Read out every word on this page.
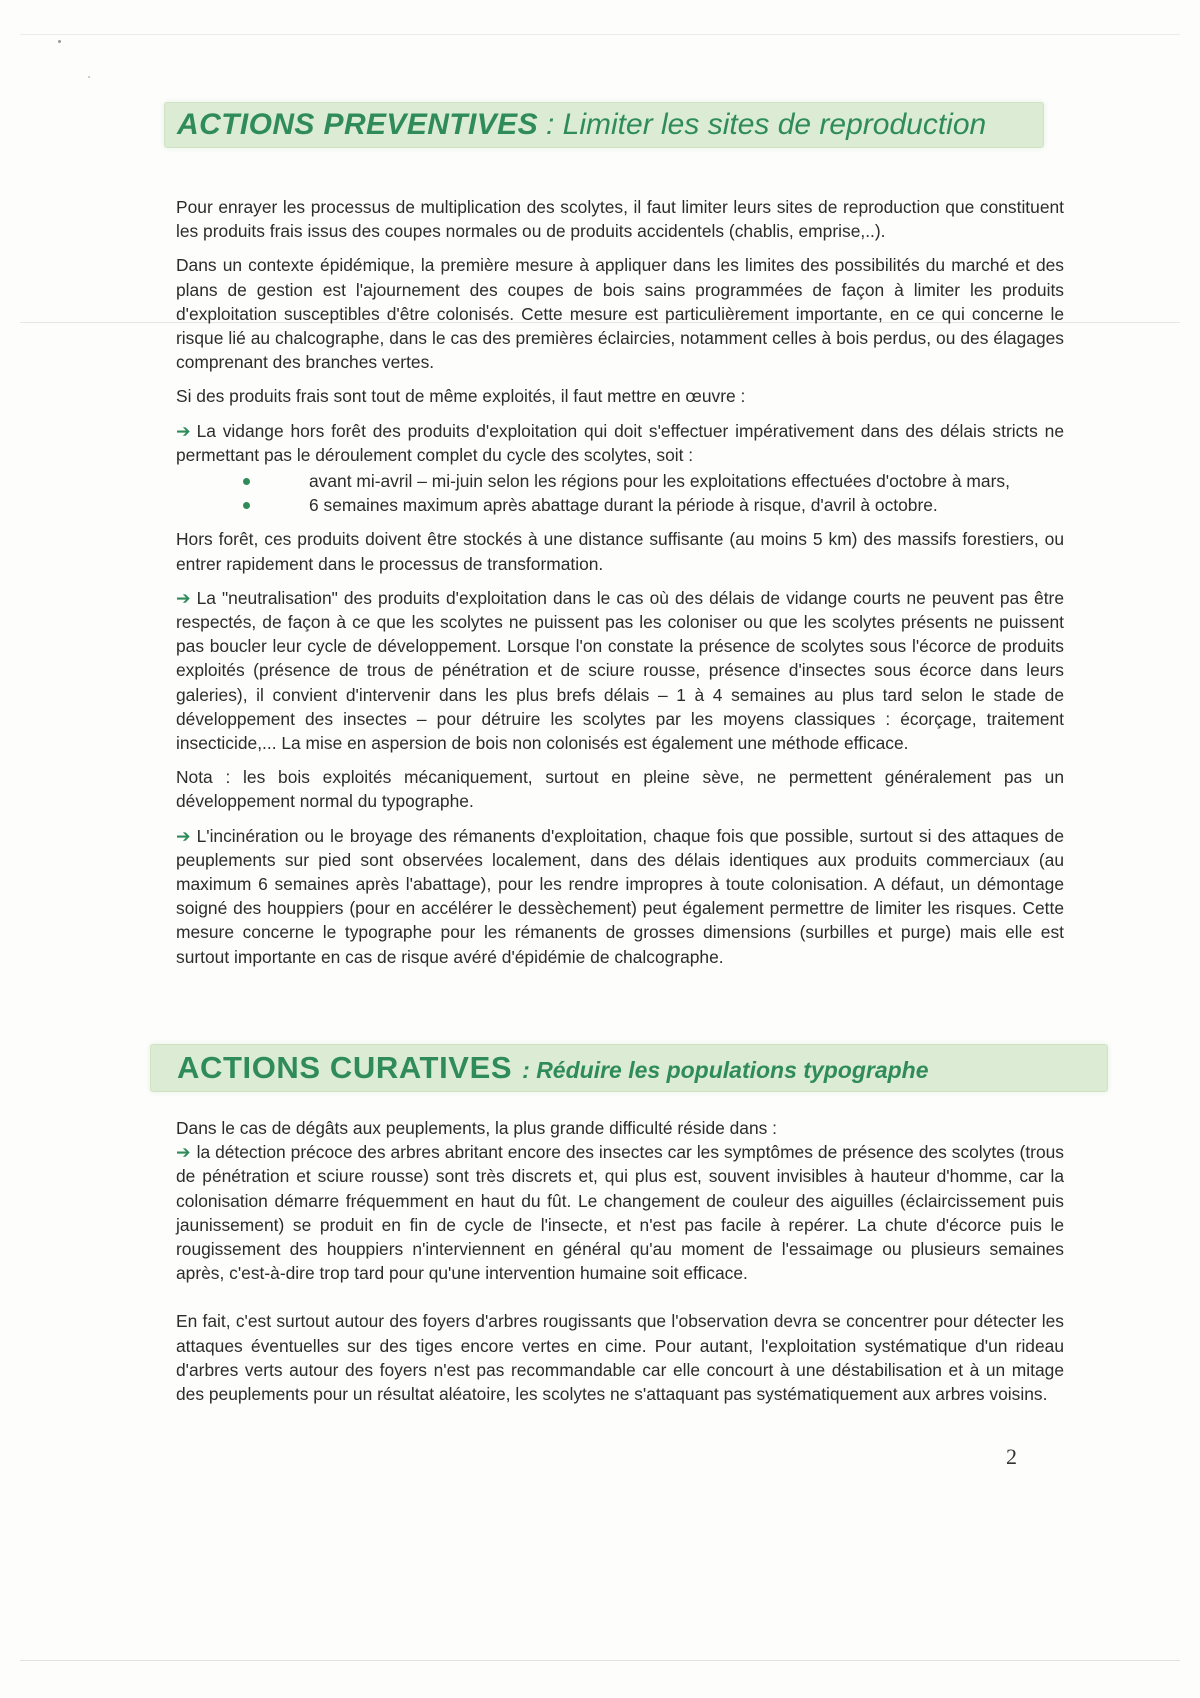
ACTIONS PREVENTIVES : Limiter les sites de reproduction

Pour enrayer les processus de multiplication des scolytes, il faut limiter leurs sites de reproduction que constituent les produits frais issus des coupes normales ou de produits accidentels (chablis, emprise,..).

Dans un contexte épidémique, la première mesure à appliquer dans les limites des possibilités du marché et des plans de gestion est l'ajournement des coupes de bois sains programmées de façon à limiter les produits d'exploitation susceptibles d'être colonisés. Cette mesure est particulièrement importante, en ce qui concerne le risque lié au chalcographe, dans le cas des premières éclaircies, notamment celles à bois perdus, ou des élagages comprenant des branches vertes.

Si des produits frais sont tout de même exploités, il faut mettre en œuvre :

➔ La vidange hors forêt des produits d'exploitation qui doit s'effectuer impérativement dans des délais stricts ne permettant pas le déroulement complet du cycle des scolytes, soit :

avant mi-avril – mi-juin selon les régions pour les exploitations effectuées d'octobre à mars,
6 semaines maximum après abattage durant la période à risque, d'avril à octobre.

Hors forêt, ces produits doivent être stockés à une distance suffisante (au moins 5 km) des massifs forestiers, ou entrer rapidement dans le processus de transformation.

➔ La "neutralisation" des produits d'exploitation dans le cas où des délais de vidange courts ne peuvent pas être respectés, de façon à ce que les scolytes ne puissent pas les coloniser ou que les scolytes présents ne puissent pas boucler leur cycle de développement. Lorsque l'on constate la présence de scolytes sous l'écorce de produits exploités (présence de trous de pénétration et de sciure rousse, présence d'insectes sous écorce dans leurs galeries), il convient d'intervenir dans les plus brefs délais – 1 à 4 semaines au plus tard selon le stade de développement des insectes – pour détruire les scolytes par les moyens classiques : écorçage, traitement insecticide,... La mise en aspersion de bois non colonisés est également une méthode efficace.

Nota : les bois exploités mécaniquement, surtout en pleine sève, ne permettent généralement pas un développement normal du typographe.

➔ L'incinération ou le broyage des rémanents d'exploitation, chaque fois que possible, surtout si des attaques de peuplements sur pied sont observées localement, dans des délais identiques aux produits commerciaux (au maximum 6 semaines après l'abattage), pour les rendre impropres à toute colonisation. A défaut, un démontage soigné des houppiers (pour en accélérer le dessèchement) peut également permettre de limiter les risques. Cette mesure concerne le typographe pour les rémanents de grosses dimensions (surbilles et purge) mais elle est surtout importante en cas de risque avéré d'épidémie de chalcographe.

ACTIONS CURATIVES : Réduire les populations typographe

Dans le cas de dégâts aux peuplements, la plus grande difficulté réside dans :

➔ la détection précoce des arbres abritant encore des insectes car les symptômes de présence des scolytes (trous de pénétration et sciure rousse) sont très discrets et, qui plus est, souvent invisibles à hauteur d'homme, car la colonisation démarre fréquemment en haut du fût. Le changement de couleur des aiguilles (éclaircissement puis jaunissement) se produit en fin de cycle de l'insecte, et n'est pas facile à repérer. La chute d'écorce puis le rougissement des houppiers n'interviennent en général qu'au moment de l'essaimage ou plusieurs semaines après, c'est-à-dire trop tard pour qu'une intervention humaine soit efficace.

En fait, c'est surtout autour des foyers d'arbres rougissants que l'observation devra se concentrer pour détecter les attaques éventuelles sur des tiges encore vertes en cime. Pour autant, l'exploitation systématique d'un rideau d'arbres verts autour des foyers n'est pas recommandable car elle concourt à une déstabilisation et à un mitage des peuplements pour un résultat aléatoire, les scolytes ne s'attaquant pas systématiquement aux arbres voisins.

2
